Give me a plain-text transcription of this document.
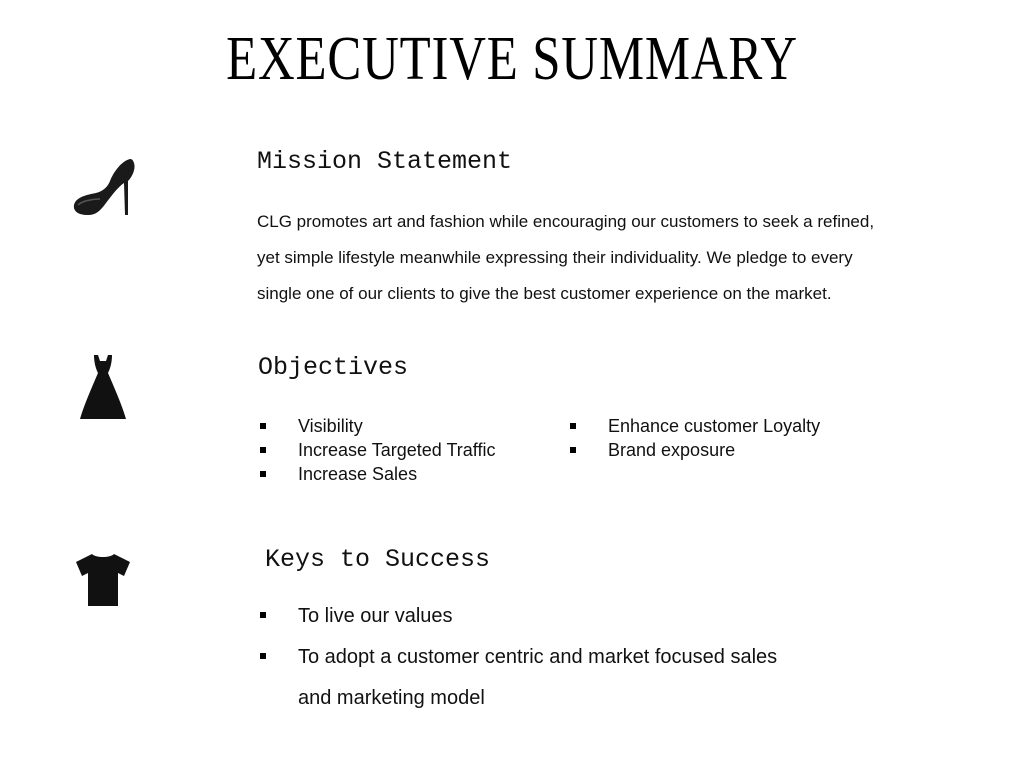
EXECUTIVE SUMMARY
Mission Statement
CLG promotes art and fashion while encouraging our customers to seek a refined,
yet simple lifestyle meanwhile expressing their individuality. We pledge to every
single one of our clients to give the best customer experience on the market.
Objectives
Visibility
Increase Targeted Traffic
Increase Sales
Enhance customer Loyalty
Brand exposure
Keys to Success
To live our values
To adopt a customer centric and market focused sales
and marketing model
